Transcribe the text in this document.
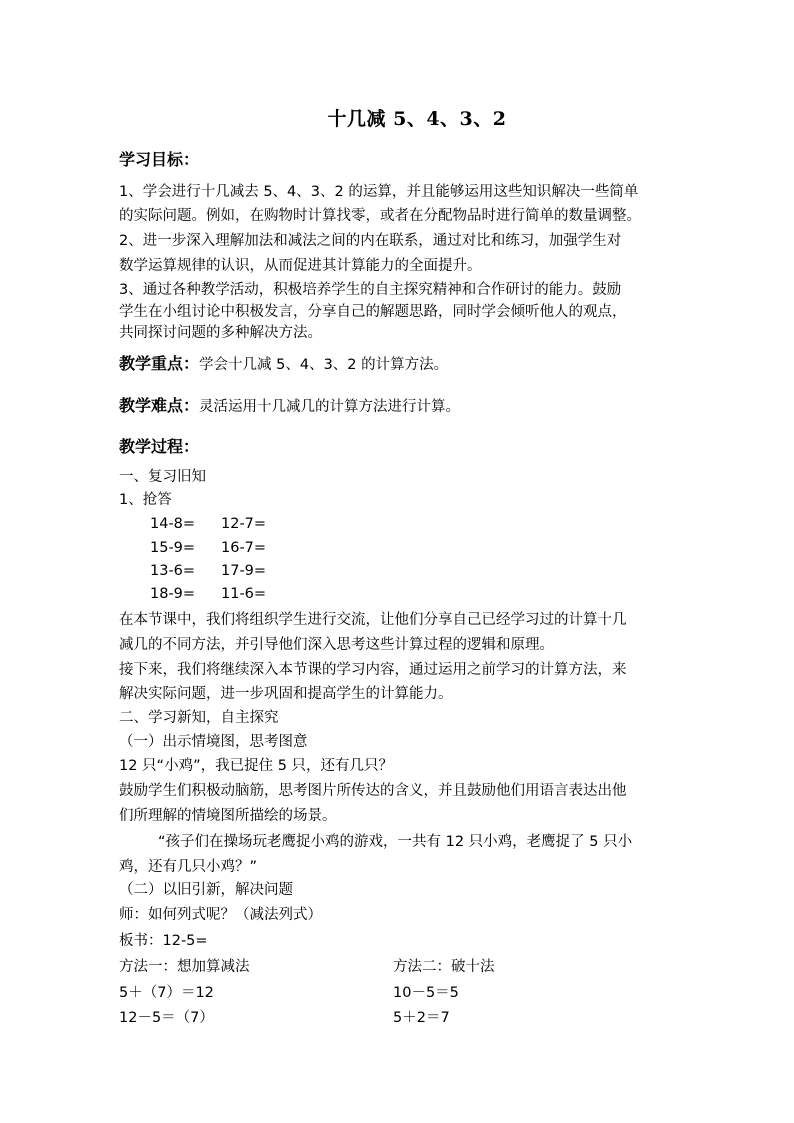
十几减 5、4、3、2
学习目标：
1、学会进行十几减去 5、4、3、2 的运算，并且能够运用这些知识解决一些简单
的实际问题。例如，在购物时计算找零，或者在分配物品时进行简单的数量调整。
2、进一步深入理解加法和减法之间的内在联系，通过对比和练习，加强学生对
数学运算规律的认识，从而促进其计算能力的全面提升。
3、通过各种教学活动，积极培养学生的自主探究精神和合作研讨的能力。鼓励
学生在小组讨论中积极发言，分享自己的解题思路，同时学会倾听他人的观点，
共同探讨问题的多种解决方法。
教学重点：学会十几减 5、4、3、2 的计算方法。
教学难点：灵活运用十几减几的计算方法进行计算。
教学过程：
一、复习旧知
1、抢答
14-8= 12-7=
15-9= 16-7=
13-6= 17-9=
18-9= 11-6=
在本节课中，我们将组织学生进行交流，让他们分享自己已经学习过的计算十几
减几的不同方法，并引导他们深入思考这些计算过程的逻辑和原理。
接下来，我们将继续深入本节课的学习内容，通过运用之前学习的计算方法，来
解决实际问题，进一步巩固和提高学生的计算能力。
二、学习新知，自主探究
（一）出示情境图，思考图意
12 只“小鸡”，我已捉住 5 只，还有几只？
鼓励学生们积极动脑筋，思考图片所传达的含义，并且鼓励他们用语言表达出他
们所理解的情境图所描绘的场景。
“孩子们在操场玩老鹰捉小鸡的游戏，一共有 12 只小鸡，老鹰捉了 5 只小
鸡，还有几只小鸡？”
（二）以旧引新，解决问题
师：如何列式呢？（减法列式）
板书：12-5=
方法一：想加算减法	方法二：破十法
5＋（7）＝12	10－5＝5
12－5＝（7）	5＋2＝7
